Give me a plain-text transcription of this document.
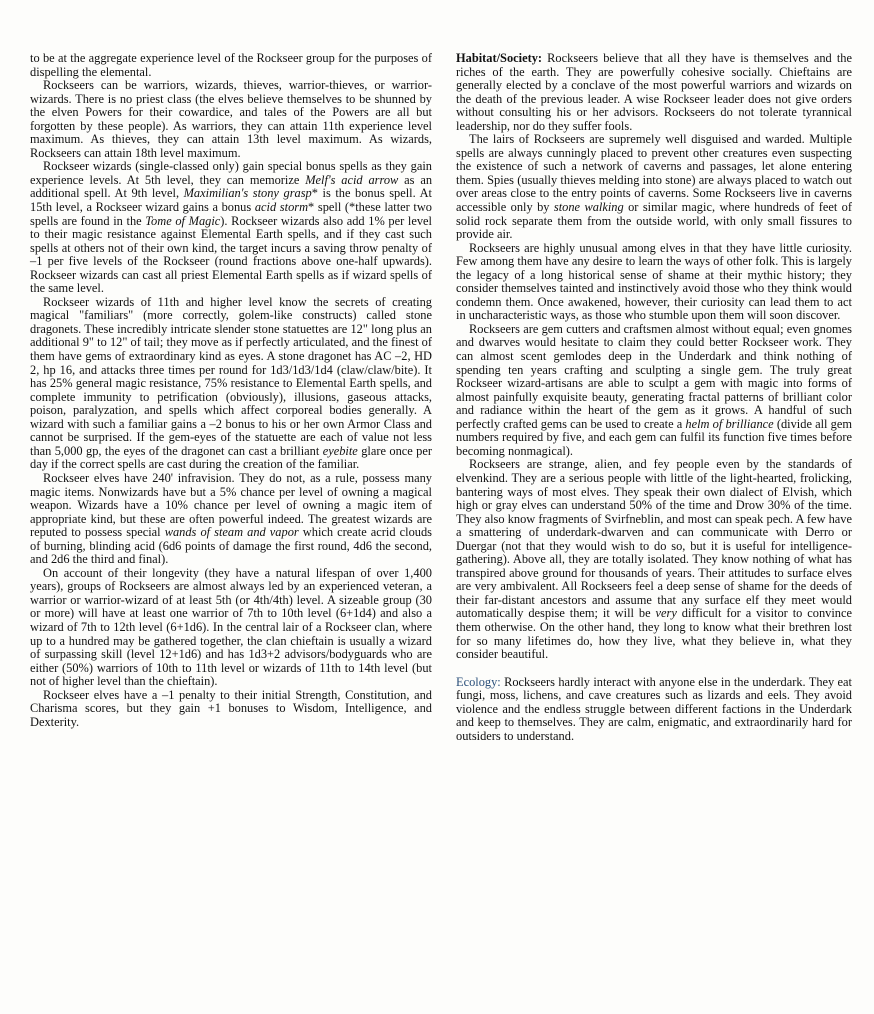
to be at the aggregate experience level of the Rockseer group for the purposes of dispelling the elemental.

Rockseers can be warriors, wizards, thieves, warrior-thieves, or warrior-wizards. There is no priest class (the elves believe themselves to be shunned by the elven Powers for their cowardice, and tales of the Powers are all but forgotten by these people). As warriors, they can attain 11th experience level maximum. As thieves, they can attain 13th level maximum. As wizards, Rockseers can attain 18th level maximum.

Rockseer wizards (single-classed only) gain special bonus spells as they gain experience levels. At 5th level, they can memorize Melf's acid arrow as an additional spell. At 9th level, Maximilian's stony grasp* is the bonus spell. At 15th level, a Rockseer wizard gains a bonus acid storm* spell (*these latter two spells are found in the Tome of Magic). Rockseer wizards also add 1% per level to their magic resistance against Elemental Earth spells, and if they cast such spells at others not of their own kind, the target incurs a saving throw penalty of –1 per five levels of the Rockseer (round fractions above one-half upwards). Rockseer wizards can cast all priest Elemental Earth spells as if wizard spells of the same level.

Rockseer wizards of 11th and higher level know the secrets of creating magical "familiars" (more correctly, golem-like constructs) called stone dragonets. These incredibly intricate slender stone statuettes are 12" long plus an additional 9" to 12" of tail; they move as if perfectly articulated, and the finest of them have gems of extraordinary kind as eyes. A stone dragonet has AC –2, HD 2, hp 16, and attacks three times per round for 1d3/1d3/1d4 (claw/claw/bite). It has 25% general magic resistance, 75% resistance to Elemental Earth spells, and complete immunity to petrification (obviously), illusions, gaseous attacks, poison, paralyzation, and spells which affect corporeal bodies generally. A wizard with such a familiar gains a –2 bonus to his or her own Armor Class and cannot be surprised. If the gem-eyes of the statuette are each of value not less than 5,000 gp, the eyes of the dragonet can cast a brilliant eyebite glare once per day if the correct spells are cast during the creation of the familiar.

Rockseer elves have 240' infravision. They do not, as a rule, possess many magic items. Nonwizards have but a 5% chance per level of owning a magical weapon. Wizards have a 10% chance per level of owning a magic item of appropriate kind, but these are often powerful indeed. The greatest wizards are reputed to possess special wands of steam and vapor which create acrid clouds of burning, blinding acid (6d6 points of damage the first round, 4d6 the second, and 2d6 the third and final).

On account of their longevity (they have a natural lifespan of over 1,400 years), groups of Rockseers are almost always led by an experienced veteran, a warrior or warrior-wizard of at least 5th (or 4th/4th) level. A sizeable group (30 or more) will have at least one warrior of 7th to 10th level (6+1d4) and also a wizard of 7th to 12th level (6+1d6). In the central lair of a Rockseer clan, where up to a hundred may be gathered together, the clan chieftain is usually a wizard of surpassing skill (level 12+1d6) and has 1d3+2 advisors/bodyguards who are either (50%) warriors of 10th to 11th level or wizards of 11th to 14th level (but not of higher level than the chieftain).

Rockseer elves have a –1 penalty to their initial Strength, Constitution, and Charisma scores, but they gain +1 bonuses to Wisdom, Intelligence, and Dexterity.

Habitat/Society: Rockseers believe that all they have is themselves and the riches of the earth. They are powerfully cohesive socially. Chieftains are generally elected by a conclave of the most powerful warriors and wizards on the death of the previous leader. A wise Rockseer leader does not give orders without consulting his or her advisors. Rockseers do not tolerate tyrannical leadership, nor do they suffer fools.

The lairs of Rockseers are supremely well disguised and warded. Multiple spells are always cunningly placed to prevent other creatures even suspecting the existence of such a network of caverns and passages, let alone entering them. Spies (usually thieves melding into stone) are always placed to watch out over areas close to the entry points of caverns. Some Rockseers live in caverns accessible only by stone walking or similar magic, where hundreds of feet of solid rock separate them from the outside world, with only small fissures to provide air.

Rockseers are highly unusual among elves in that they have little curiosity. Few among them have any desire to learn the ways of other folk. This is largely the legacy of a long historical sense of shame at their mythic history; they consider themselves tainted and instinctively avoid those who they think would condemn them. Once awakened, however, their curiosity can lead them to act in uncharacteristic ways, as those who stumble upon them will soon discover.

Rockseers are gem cutters and craftsmen almost without equal; even gnomes and dwarves would hesitate to claim they could better Rockseer work. They can almost scent gemlodes deep in the Underdark and think nothing of spending ten years crafting and sculpting a single gem. The truly great Rockseer wizard-artisans are able to sculpt a gem with magic into forms of almost painfully exquisite beauty, generating fractal patterns of brilliant color and radiance within the heart of the gem as it grows. A handful of such perfectly crafted gems can be used to create a helm of brilliance (divide all gem numbers required by five, and each gem can fulfil its function five times before becoming nonmagical).

Rockseers are strange, alien, and fey people even by the standards of elvenkind. They are a serious people with little of the light-hearted, frolicking, bantering ways of most elves. They speak their own dialect of Elvish, which high or gray elves can understand 50% of the time and Drow 30% of the time. They also know fragments of Svirfneblin, and most can speak pech. A few have a smattering of underdark-dwarven and can communicate with Derro or Duergar (not that they would wish to do so, but it is useful for intelligence-gathering). Above all, they are totally isolated. They know nothing of what has transpired above ground for thousands of years. Their attitudes to surface elves are very ambivalent. All Rockseers feel a deep sense of shame for the deeds of their far-distant ancestors and assume that any surface elf they meet would automatically despise them; it will be very difficult for a visitor to convince them otherwise. On the other hand, they long to know what their brethren lost for so many lifetimes do, how they live, what they believe in, what they consider beautiful.

Ecology: Rockseers hardly interact with anyone else in the underdark. They eat fungi, moss, lichens, and cave creatures such as lizards and eels. They avoid violence and the endless struggle between different factions in the Underdark and keep to themselves. They are calm, enigmatic, and extraordinarily hard for outsiders to understand.
